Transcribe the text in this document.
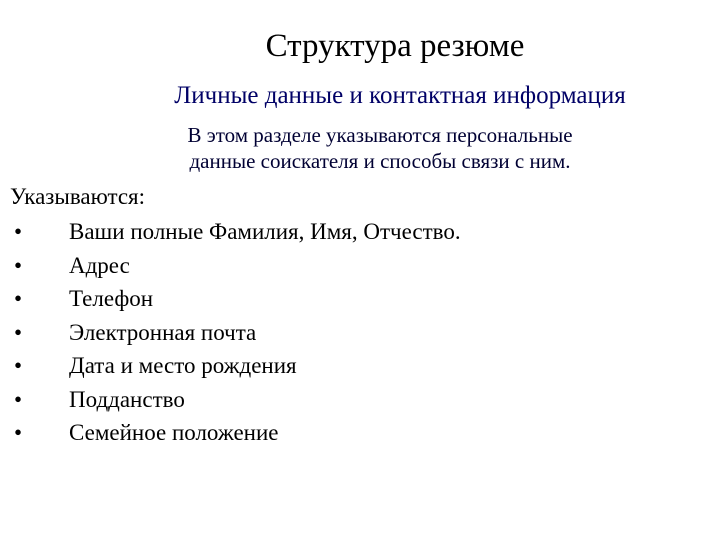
Структура резюме
Личные данные и контактная информация
В этом разделе указываются персональные
данные соискателя и способы связи с ним.
Указываются:
•	Ваши полные Фамилия, Имя, Отчество.
•	Адрес
•	Телефон
•	Электронная почта
•	Дата и место рождения
•	Подданство
•	Семейное положение
